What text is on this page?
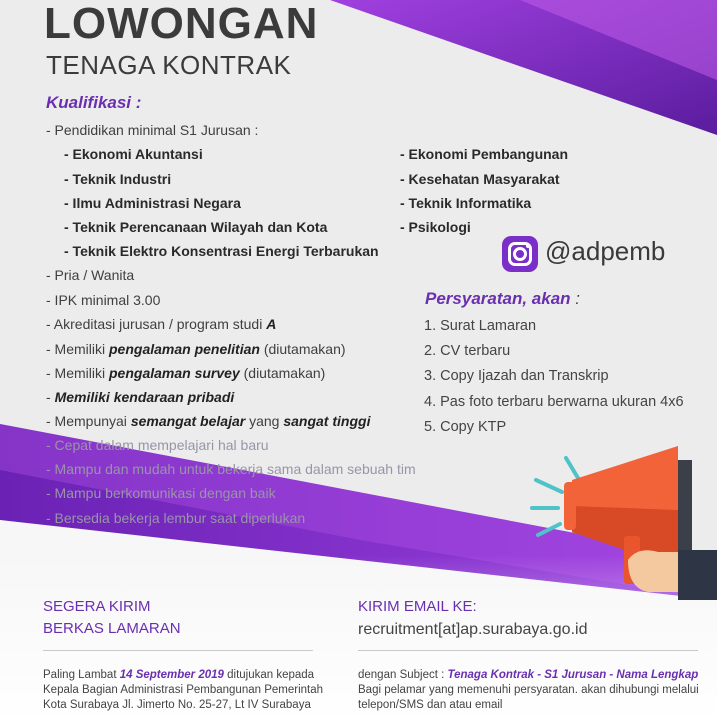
LOWONGAN
TENAGA KONTRAK
Kualifikasi :
- Pendidikan minimal S1 Jurusan :
- Ekonomi Akuntansi
- Teknik Industri
- Ilmu Administrasi Negara
- Teknik Perencanaan Wilayah dan Kota
- Teknik Elektro Konsentrasi Energi Terbarukan
- Ekonomi Pembangunan
- Kesehatan Masyarakat
- Teknik Informatika
- Psikologi
- Pria / Wanita
- IPK minimal 3.00
- Akreditasi jurusan / program studi A
- Memiliki pengalaman penelitian (diutamakan)
- Memiliki pengalaman survey (diutamakan)
- Memiliki kendaraan pribadi
- Mempunyai semangat belajar yang sangat tinggi
- Cepat dalam mempelajari hal baru
- Mampu dan mudah untuk bekerja sama dalam sebuah tim
- Mampu berkomunikasi dengan baik
- Bersedia bekerja lembur saat diperlukan
@adpemb
Persyaratan, akan :
1. Surat Lamaran
2. CV terbaru
3. Copy Ijazah dan Transkrip
4. Pas foto terbaru berwarna ukuran 4x6
5. Copy KTP
SEGERA KIRIM
BERKAS LAMARAN
KIRIM EMAIL KE:
recruitment[at]ap.surabaya.go.id
Paling Lambat 14 September 2019 ditujukan kepada
Kepala Bagian Administrasi Pembangunan Pemerintah
Kota Surabaya Jl. Jimerto No. 25-27, Lt IV Surabaya
dengan Subject : Tenaga Kontrak - S1 Jurusan - Nama Lengkap
Bagi pelamar yang memenuhi persyaratan. akan dihubungi melalui
telepon/SMS dan atau email
